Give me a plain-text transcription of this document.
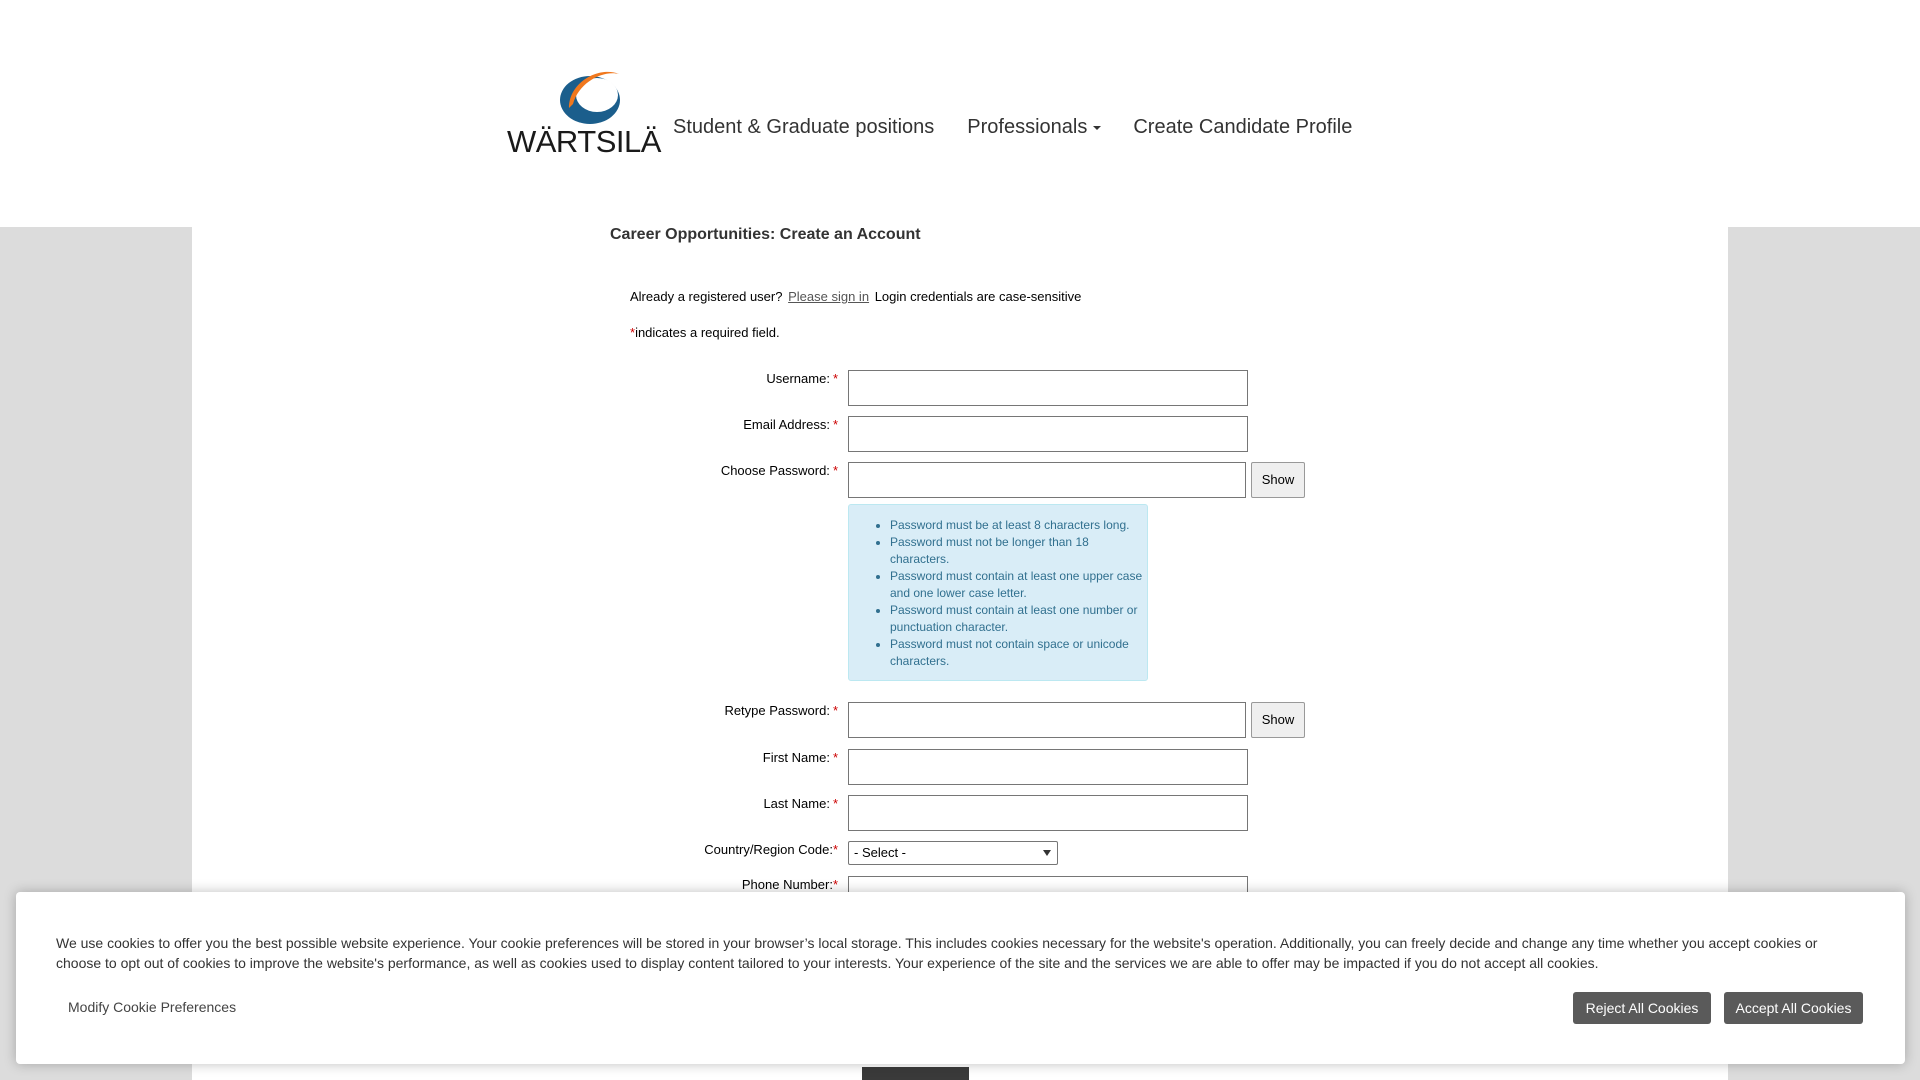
WÄRTSILÄ Student & Graduate positions Professionals	Create Candidate Profile
Career Opportunities: Create an Account
Already a registered user? Please sign in Login credentials are case-sensitive
*indicates a required field.
Username: *
Email Address: *
Choose Password: *
Show
• Password must be at least 8 characters long.
• Password must not be longer than 18 characters.
• Password must contain at least one upper case and one lower case letter.
• Password must contain at least one number or punctuation character.
• Password must not contain space or unicode characters.
Retype Password: *
Show
First Name: *
Last Name: *
Country/Region Code:*	- Select -
Phone Number:*
We use cookies to offer you the best possible website experience. Your cookie preferences will be stored in your browser’s local storage. This includes cookies necessary for the website's operation. Additionally, you can freely decide and change any time whether you accept cookies or choose to opt out of cookies to improve the website's performance, as well as cookies used to display content tailored to your interests. Your experience of the site and the services we are able to offer may be impacted if you do not accept all cookies.
Modify Cookie Preferences	Reject All Cookies	Accept All Cookies
